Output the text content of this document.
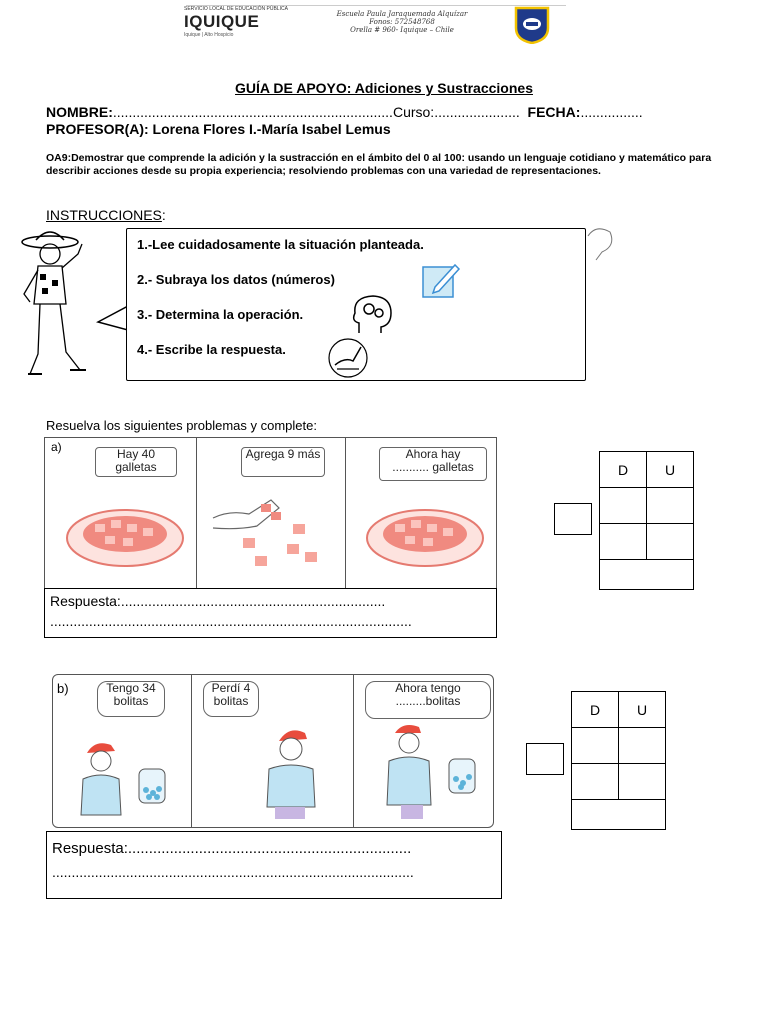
SERVICIO LOCAL DE EDUCACIÓN PÚBLICA
IQUIQUE
Iquique | Alto Hospicio
Escuela Paula Jaraquemada Alquízar
Fonos: 572548768
Orella # 960- Iquique – Chile
GUÍA DE APOYO: Adiciones y Sustracciones
NOMBRE:........................................................................Curso:...................... FECHA:................
PROFESOR(A): Lorena Flores I.-María Isabel Lemus
OA9:Demostrar que comprende la adición y la sustracción en el ámbito del 0 al 100: usando un lenguaje cotidiano y matemático para describir acciones desde su propia experiencia; resolviendo problemas con una variedad de representaciones.
INSTRUCCIONES:
1.-Lee cuidadosamente la situación planteada.
2.- Subraya los datos (números)
3.- Determina la operación.
4.- Escribe la respuesta.
Resuelva los siguientes problemas y complete:
a)	Hay 40 galletas
Agrega 9 más	Ahora hay
........... galletas
Respuesta:....................................................................
.............................................................................................
D	U

b)	Tengo 34 bolitas
Perdí 4 bolitas
Ahora tengo
.........bolitas
Respuesta:....................................................................
.............................................................................................
D	U
